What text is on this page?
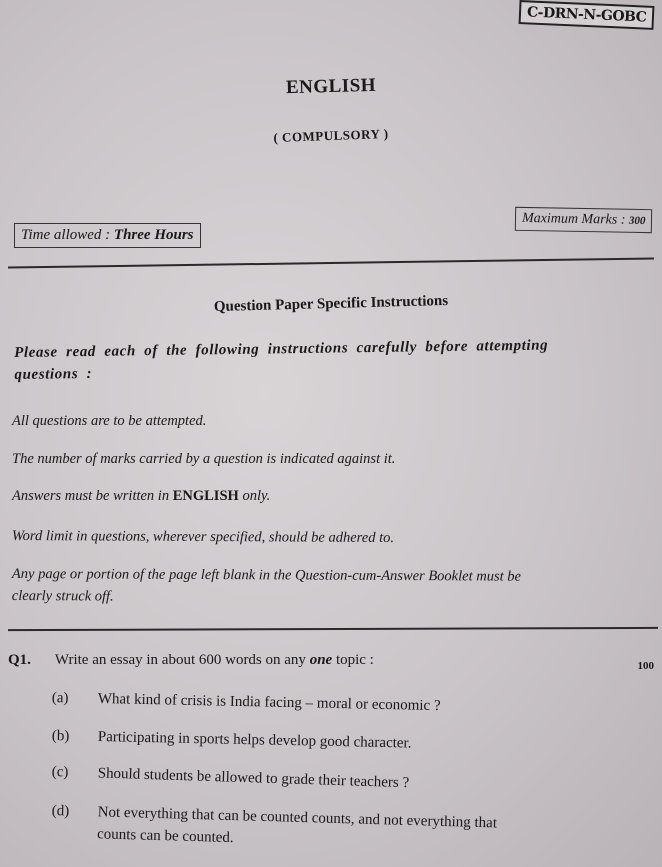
C-DRN-N-GOBC
ENGLISH
( COMPULSORY )
Time allowed : Three Hours
Maximum Marks : 300
Question Paper Specific Instructions
Please read each of the following instructions carefully before attempting
questions :
All questions are to be attempted.
The number of marks carried by a question is indicated against it.
Answers must be written in ENGLISH only.
Word limit in questions, wherever specified, should be adhered to.
Any page or portion of the page left blank in the Question-cum-Answer Booklet must be
clearly struck off.
Q1. Write an essay in about 600 words on any one topic :	100
(a) What kind of crisis is India facing – moral or economic ?
(b) Participating in sports helps develop good character.
(c) Should students be allowed to grade their teachers ?
(d) Not everything that can be counted counts, and not everything that
counts can be counted.
